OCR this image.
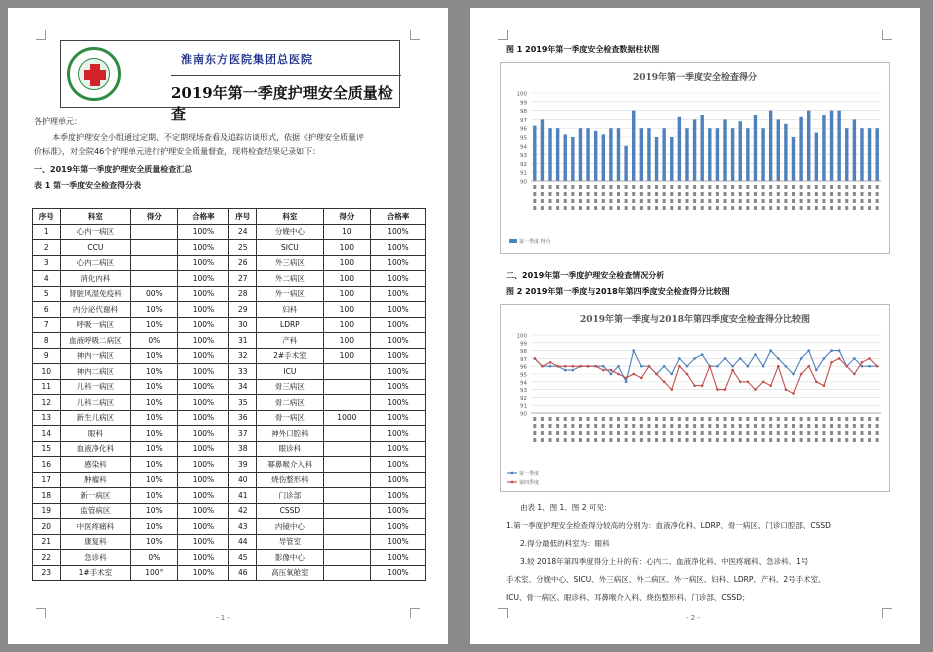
淮南东方医院集团总医院
2019年第一季度护理安全质量检查
各护理单元：
本季度护理安全小组通过定期、不定期现场查看及追踪访谈形式，依据《护理安全质量评
价标准》，对全院46个护理单元进行护理安全质量督查，现将检查结果记录如下：
一、2019年第一季度护理安全质量检查汇总
表 1 第一季度安全检查得分表
序号	科室	得分	合格率	序号	科室	得分	合格率
1	心内一病区		100%	24	分娩中心	10	100%
2	CCU		100%	25	SICU	100	100%
3	心内二病区		100%	26	外三病区	100	100%
4	消化内科		100%	27	外二病区	100	100%
5	肾脏风湿免疫科	00%	100%	28	外一病区	100	100%
6	内分泌代谢科	10%	100%	29	妇科	100	100%
7	呼吸一病区	10%	100%	30	LDRP	100	100%
8	血液呼吸二病区	0%	100%	31	产科	100	100%
9	神内一病区	10%	100%	32	2#手术室	100	100%
10	神内二病区	10%	100%	33	ICU		100%
11	儿科一病区	10%	100%	34	骨三病区		100%
12	儿科二病区	10%	100%	35	骨二病区		100%
13	新生儿病区	10%	100%	36	骨一病区	1000	100%
14	眼科	10%	100%	37	神外口腔科		100%
15	血液净化科	10%	100%	38	眼诊科		100%
16	感染科	10%	100%	39	幂鼻喉介入科		100%
17	肿瘤科	10%	100%	40	烧伤整形科		100%
18	新一病区	10%	100%	41	门诊部		100%
19	监管病区	10%	100%	42	CSSD		100%
20	中医疼痛科	10%	100%	43	内镜中心		100%
21	康复科	10%	100%	44	导管室		100%
22	急诊科	0%	100%	45	影像中心		100%
23	1#手术室	100°	100%	46	高压氧舱室		100%
- 1 -
图 1 2019年第一季度安全检查数据柱状图
2019年第一季度安全检查得分
100
99
98
97
96
95
94
93
92
91
90
第一季度 得分
二、2019年第一季度护理安全检查情况分析
图 2 2019年第一季度与2018年第四季度安全检查得分比较图
2019年第一季度与2018年第四季度安全检查得分比较图
100
99
98
97
96
95
94
93
92
91
90
第一季度
第四季度
由表 1、图 1、图 2 可见：
1.第一季度护理安全检查得分较高的分别为：血液净化科、LDRP、骨一病区、门诊口腔部、CSSD
2.得分最低的科室为：眼科
3.较 2018年第四季度得分上升的有：心内二、血液净化科、中医疼痛科、急诊科、1号
手术室、分娩中心、SICU、外三病区、外二病区、外一病区、妇科、LDRP、产科、2号手术室、
ICU、骨一病区、眼诊科、耳鼻喉介入科、烧伤整形科、门诊部、CSSD；
- 2 -
